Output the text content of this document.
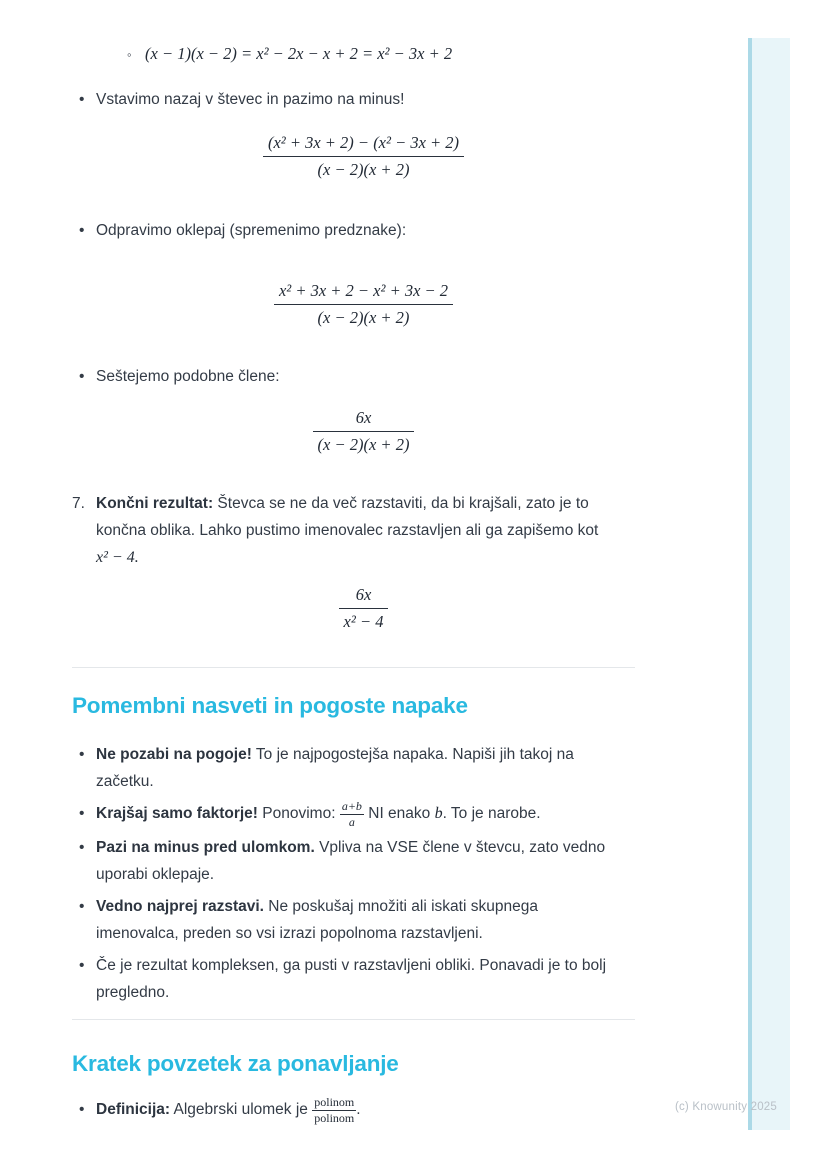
◦ (x − 1)(x − 2) = x² − 2x − x + 2 = x² − 3x + 2
• Vstavimo nazaj v števec in pazimo na minus!
$\frac{\text{(x² + 3x + 2) − (x² − 3x + 2)}}{(x - 2)(x + 2)}$
• Odpravimo oklepaj (spremenimo predznake):
$\frac{\text{x² + 3x + 2 − x² + 3x − 2}}{(x - 2)(x + 2)}$
• Seštejemo podobne člene:
$\frac{6x}{(x - 2)(x + 2)}$
7. Končni rezultat: Števca se ne da več razstaviti, da bi krajšali, zato je to končna oblika. Lahko pustimo imenovalec razstavljen ali ga zapišemo kot x² − 4.
$\frac{6x}{\text{x² − 4}}$
Pomembni nasveti in pogoste napake
• Ne pozabi na pogoje! To je najpogostejša napaka. Napiši jih takoj na začetku.
• Krajšaj samo faktorje! Ponovimo: $\frac{a+b}{a}$ NI enako b. To je narobe.
• Pazi na minus pred ulomkom. Vpliva na VSE člene v števcu, zato vedno uporabi oklepaje.
• Vedno najprej razstavi. Ne poskušaj množiti ali iskati skupnega imenovalca, preden so vsi izrazi popolnoma razstavljeni.
• Če je rezultat kompleksen, ga pusti v razstavljeni obliki. Ponavadi je to bolj pregledno.
Kratek povzetek za ponavljanje
• Definicija: Algebrski ulomek je polinom
polinom .	(c) Knowunity 2025
